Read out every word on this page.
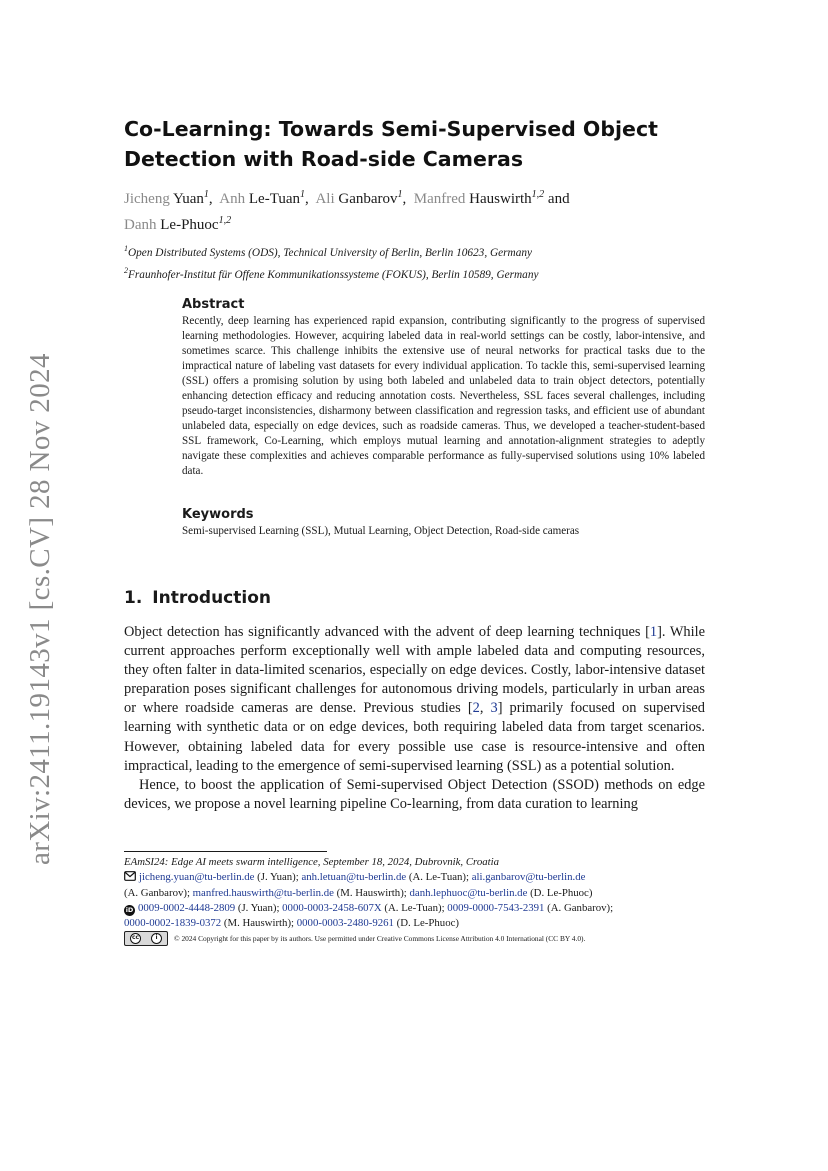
arXiv:2411.19143v1 [cs.CV] 28 Nov 2024
Co-Learning: Towards Semi-Supervised Object
Detection with Road-side Cameras
Jicheng Yuan$^1$,  Anh Le-Tuan$^1$,  Ali Ganbarov$^1$,  Manfred Hauswirth$^{1,2}$ and
Danh Le-Phuoc$^{1,2}$
$^1$Open Distributed Systems (ODS), Technical University of Berlin, Berlin 10623, Germany
$^2$Fraunhofer-Institut für Offene Kommunikationssysteme (FOKUS), Berlin 10589, Germany
Abstract
Recently, deep learning has experienced rapid expansion, contributing significantly to the progress of supervised learning methodologies. However, acquiring labeled data in real-world settings can be costly, labor-intensive, and sometimes scarce. This challenge inhibits the extensive use of neural networks for practical tasks due to the impractical nature of labeling vast datasets for every individual application. To tackle this, semi-supervised learning (SSL) offers a promising solution by using both labeled and unlabeled data to train object detectors, potentially enhancing detection efficacy and reducing annotation costs. Nevertheless, SSL faces several challenges, including pseudo-target inconsistencies, disharmony between classification and regression tasks, and efficient use of abundant unlabeled data, especially on edge devices, such as roadside cameras. Thus, we developed a teacher-student-based SSL framework, Co-Learning, which employs mutual learning and annotation-alignment strategies to adeptly navigate these complexities and achieves comparable performance as fully-supervised solutions using 10% labeled data.
Keywords
Semi-supervised Learning (SSL), Mutual Learning, Object Detection, Road-side cameras
1. Introduction

Object detection has significantly advanced with the advent of deep learning techniques [1]. While current approaches perform exceptionally well with ample labeled data and computing resources, they often falter in data-limited scenarios, especially on edge devices. Costly, labor-intensive dataset preparation poses significant challenges for autonomous driving models, particularly in urban areas or where roadside cameras are dense. Previous studies [2, 3] primarily focused on supervised learning with synthetic data or on edge devices, both requiring labeled data from target scenarios. However, obtaining labeled data for every possible use case is resource-intensive and often impractical, leading to the emergence of semi-supervised learning (SSL) as a potential solution.

Hence, to boost the application of Semi-supervised Object Detection (SSOD) methods on edge devices, we propose a novel learning pipeline Co-learning, from data curation to learning

EAmSI24: Edge AI meets swarm intelligence, September 18, 2024, Dubrovnik, Croatia
jicheng.yuan@tu-berlin.de (J. Yuan); anh.letuan@tu-berlin.de (A. Le-Tuan); ali.ganbarov@tu-berlin.de
(A. Ganbarov); manfred.hauswirth@tu-berlin.de (M. Hauswirth); danh.lephuoc@tu-berlin.de (D. Le-Phuoc)
iD 0009-0002-4448-2809 (J. Yuan); 0000-0003-2458-607X (A. Le-Tuan); 0009-0000-7543-2391 (A. Ganbarov);
0000-0002-1839-0372 (M. Hauswirth); 0000-0003-2480-9261 (D. Le-Phuoc)
cc	i	© 2024 Copyright for this paper by its authors. Use permitted under Creative Commons License Attribution 4.0 International (CC BY 4.0).
